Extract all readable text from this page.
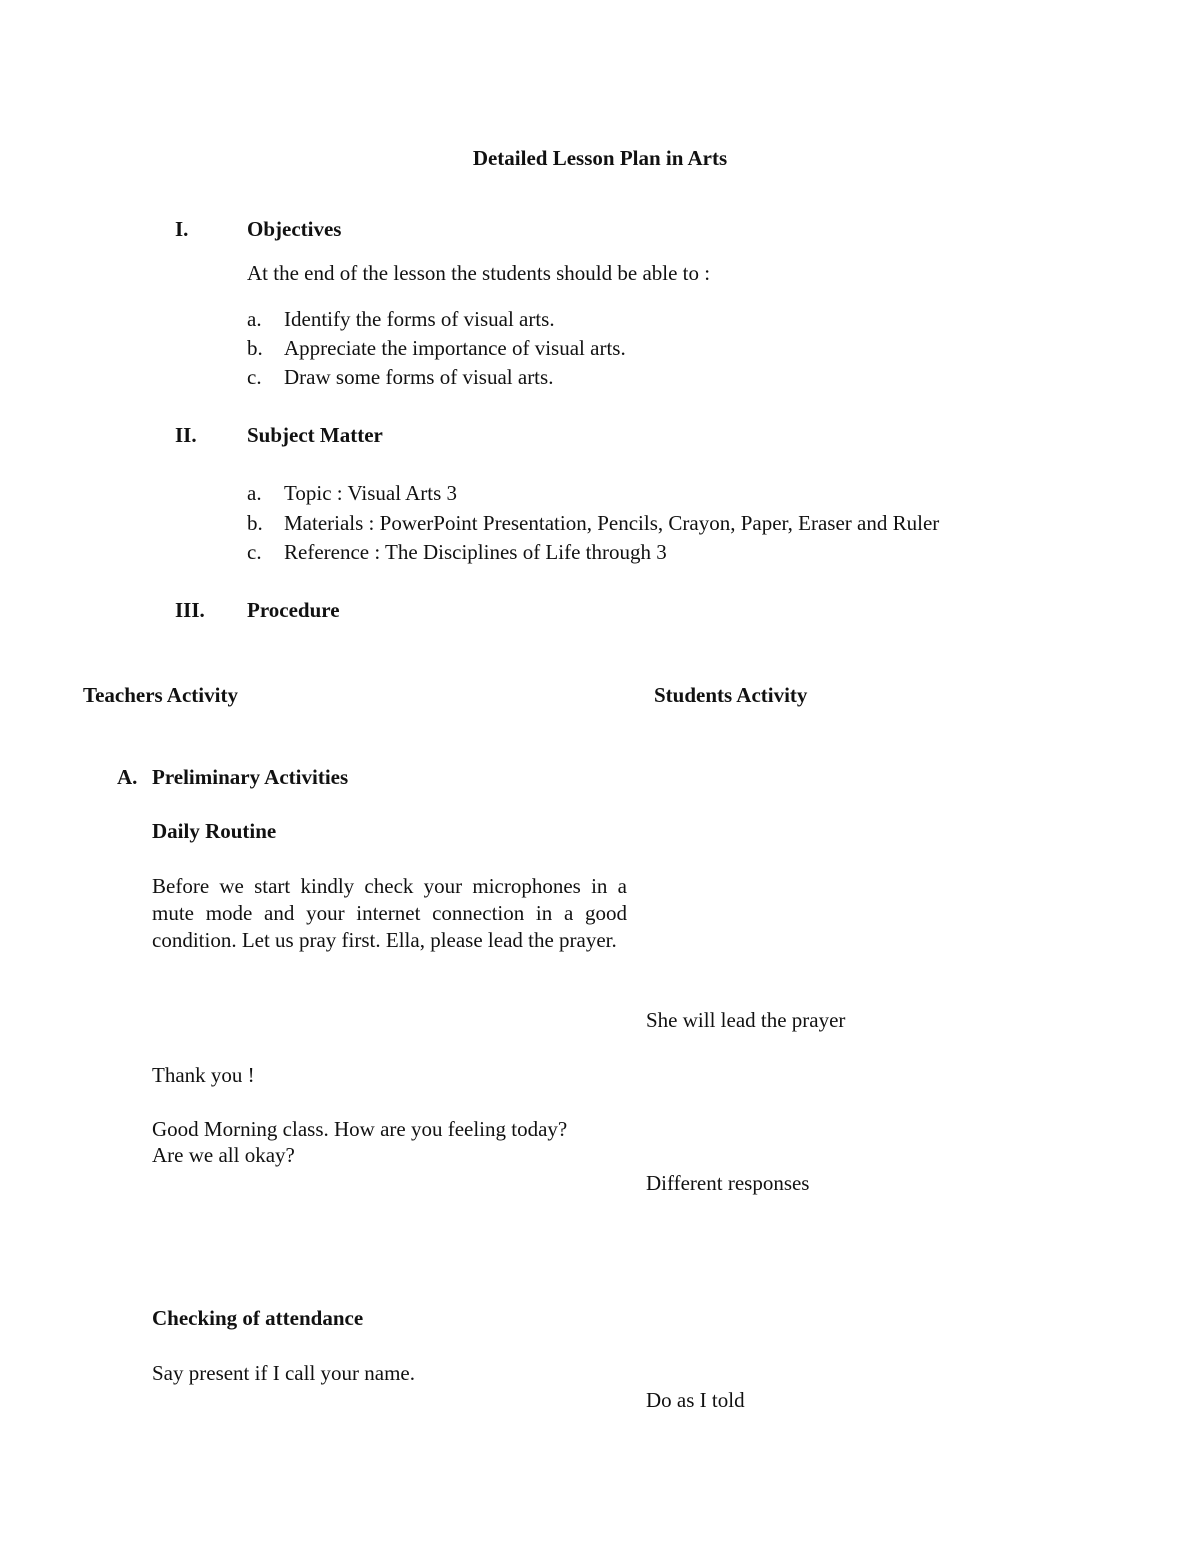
Detailed Lesson Plan in Arts
I.	Objectives
At the end of the lesson the students should be able to :
a. Identify the forms of visual arts.
b. Appreciate the importance of visual arts.
c. Draw some forms of visual arts.
II. Subject Matter
a. Topic : Visual Arts 3
b. Materials : PowerPoint Presentation, Pencils, Crayon, Paper, Eraser and Ruler
c. Reference : The Disciplines of Life through 3
III. Procedure
Teachers Activity	Students Activity
A. Preliminary Activities
Daily Routine
Before we start kindly check your microphones in a mute mode and your internet connection in a good condition. Let us pray first. Ella, please lead the prayer.
She will lead the prayer
Thank you !
Good Morning class. How are you feeling today?
Are we all okay?
Different responses
Checking of attendance
Say present if I call your name.
Do as I told
